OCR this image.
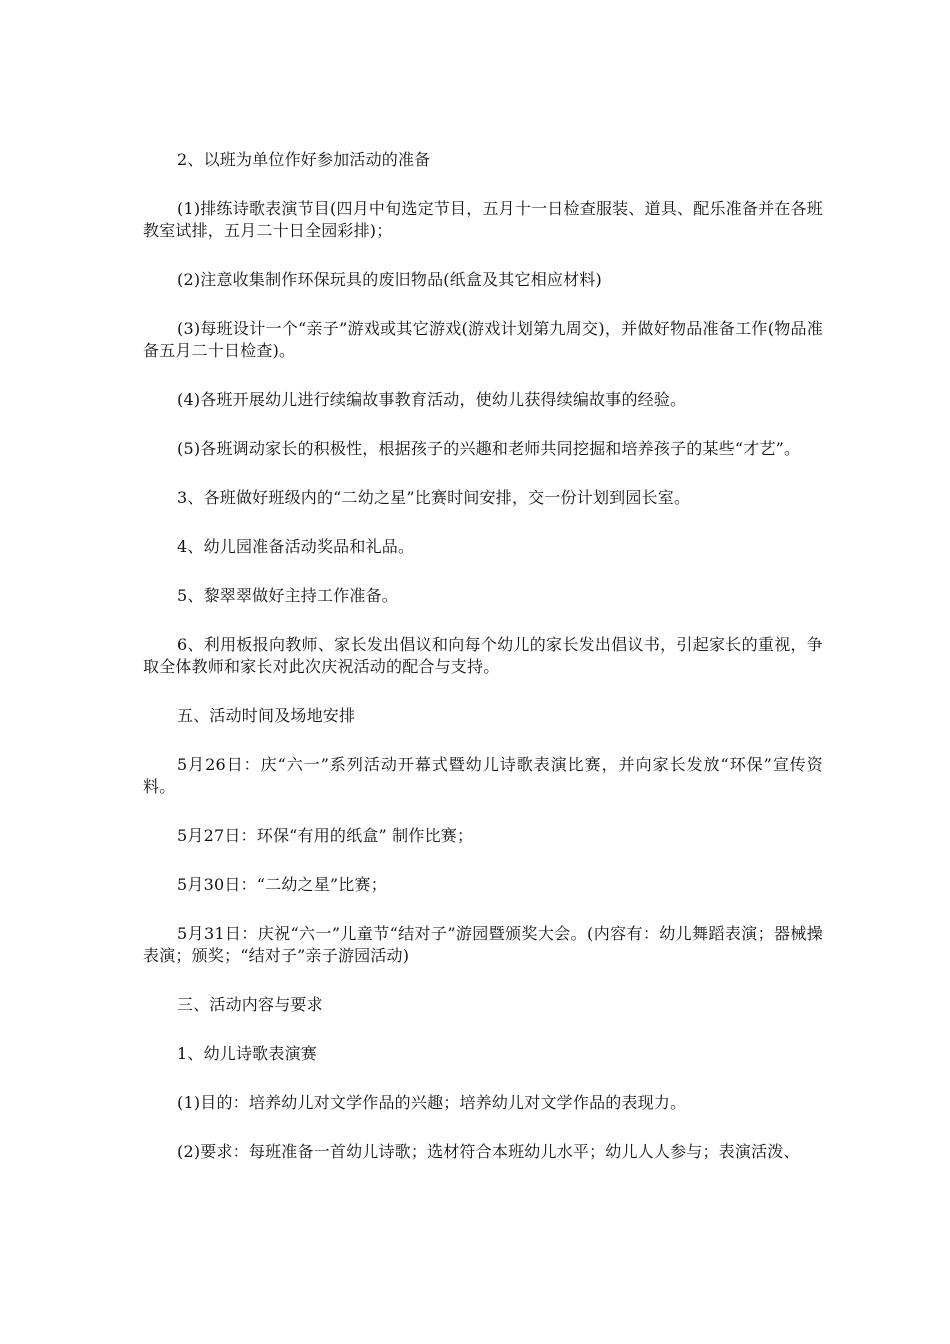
2、以班为单位作好参加活动的准备

(1)排练诗歌表演节目(四月中旬选定节目，五月十一日检查服装、道具、配乐准备并在各班教室试排，五月二十日全园彩排)；

(2)注意收集制作环保玩具的废旧物品(纸盒及其它相应材料)

(3)每班设计一个“亲子”游戏或其它游戏(游戏计划第九周交)，并做好物品准备工作(物品准备五月二十日检查)。

(4)各班开展幼儿进行续编故事教育活动，使幼儿获得续编故事的经验。

(5)各班调动家长的积极性，根据孩子的兴趣和老师共同挖掘和培养孩子的某些“才艺”。

3、各班做好班级内的“二幼之星”比赛时间安排，交一份计划到园长室。

4、幼儿园准备活动奖品和礼品。

5、黎翠翠做好主持工作准备。

6、利用板报向教师、家长发出倡议和向每个幼儿的家长发出倡议书，引起家长的重视，争取全体教师和家长对此次庆祝活动的配合与支持。

五、活动时间及场地安排

5月26日：庆“六一”系列活动开幕式暨幼儿诗歌表演比赛，并向家长发放“环保”宣传资料。

5月27日：环保“有用的纸盒” 制作比赛；

5月30日：“二幼之星”比赛；

5月31日：庆祝“六一”儿童节“结对子”游园暨颁奖大会。(内容有：幼儿舞蹈表演；器械操表演；颁奖；“结对子”亲子游园活动)

三、活动内容与要求

1、幼儿诗歌表演赛

(1)目的：培养幼儿对文学作品的兴趣；培养幼儿对文学作品的表现力。

(2)要求：每班准备一首幼儿诗歌；选材符合本班幼儿水平；幼儿人人参与；表演活泼、
